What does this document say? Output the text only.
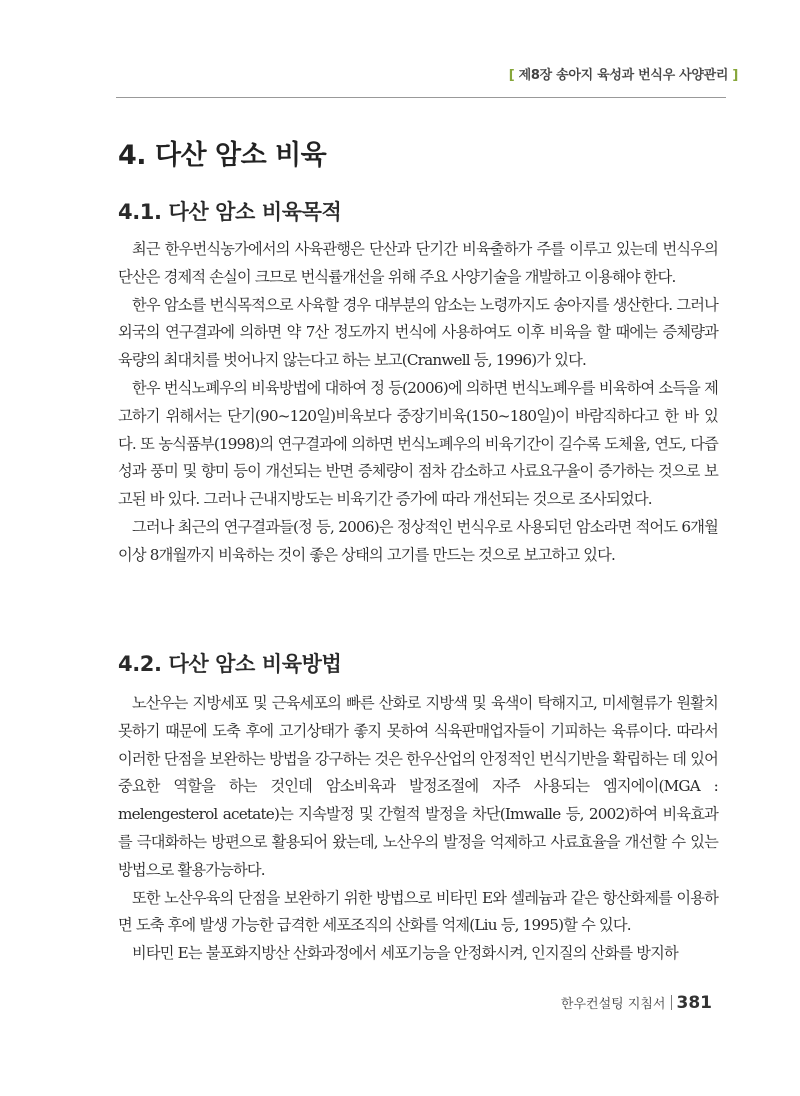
[ 제8장 송아지 육성과 번식우 사양관리 ]
4. 다산 암소 비육
4.1. 다산 암소 비육목적

최근 한우번식농가에서의 사육관행은 단산과 단기간 비육출하가 주를 이루고 있는데 번식우의 단산은 경제적 손실이 크므로 번식률개선을 위해 주요 사양기술을 개발하고 이용해야 한다.

한우 암소를 번식목적으로 사육할 경우 대부분의 암소는 노령까지도 송아지를 생산한다. 그러나 외국의 연구결과에 의하면 약 7산 정도까지 번식에 사용하여도 이후 비육을 할 때에는 증체량과 육량의 최대치를 벗어나지 않는다고 하는 보고(Cranwell 등, 1996)가 있다.

한우 번식노폐우의 비육방법에 대하여 정 등(2006)에 의하면 번식노폐우를 비육하여 소득을 제고하기 위해서는 단기(90~120일)비육보다 중장기비육(150~180일)이 바람직하다고 한 바 있다. 또 농식품부(1998)의 연구결과에 의하면 번식노폐우의 비육기간이 길수록 도체율, 연도, 다즙성과 풍미 및 향미 등이 개선되는 반면 증체량이 점차 감소하고 사료요구율이 증가하는 것으로 보고된 바 있다. 그러나 근내지방도는 비육기간 증가에 따라 개선되는 것으로 조사되었다.

그러나 최근의 연구결과들(정 등, 2006)은 정상적인 번식우로 사용되던 암소라면 적어도 6개월 이상 8개월까지 비육하는 것이 좋은 상태의 고기를 만드는 것으로 보고하고 있다.

4.2. 다산 암소 비육방법

노산우는 지방세포 및 근육세포의 빠른 산화로 지방색 및 육색이 탁해지고, 미세혈류가 원활치 못하기 때문에 도축 후에 고기상태가 좋지 못하여 식육판매업자들이 기피하는 육류이다. 따라서 이러한 단점을 보완하는 방법을 강구하는 것은 한우산업의 안정적인 번식기반을 확립하는 데 있어 중요한 역할을 하는 것인데 암소비육과 발정조절에 자주 사용되는 엠지에이(MGA : melengesterol acetate)는 지속발정 및 간헐적 발정을 차단(Imwalle 등, 2002)하여 비육효과를 극대화하는 방편으로 활용되어 왔는데, 노산우의 발정을 억제하고 사료효율을 개선할 수 있는 방법으로 활용가능하다.

또한 노산우육의 단점을 보완하기 위한 방법으로 비타민 E와 셀레늄과 같은 항산화제를 이용하면 도축 후에 발생 가능한 급격한 세포조직의 산화를 억제(Liu 등, 1995)할 수 있다.

비타민 E는 불포화지방산 산화과정에서 세포기능을 안정화시켜, 인지질의 산화를 방지하

한우컨설팅 지침서 381
